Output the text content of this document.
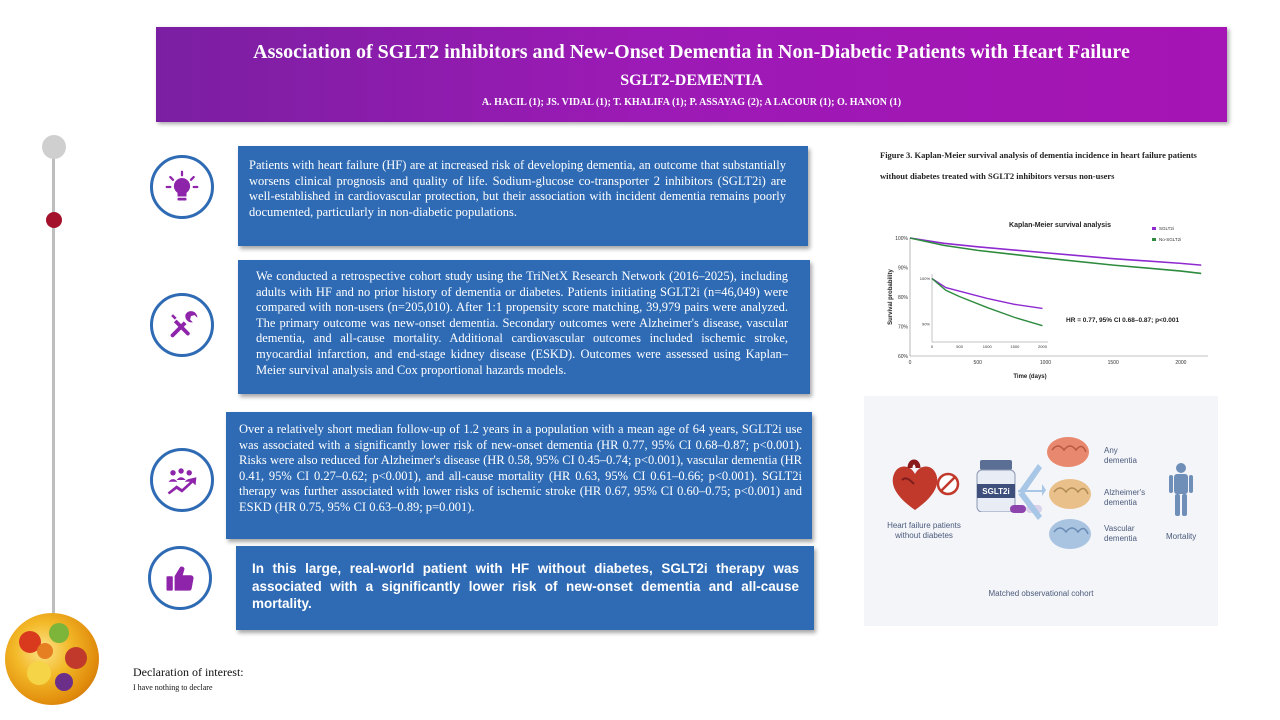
Association of SGLT2 inhibitors and New-Onset Dementia in Non-Diabetic Patients with Heart Failure
SGLT2-DEMENTIA
A. HACIL (1); JS. VIDAL (1); T. KHALIFA (1); P. ASSAYAG (2); A LACOUR (1); O. HANON (1)
Patients with heart failure (HF) are at increased risk of developing dementia, an outcome that substantially worsens clinical prognosis and quality of life. Sodium-glucose co-transporter 2 inhibitors (SGLT2i) are well-established in cardiovascular protection, but their association with incident dementia remains poorly documented, particularly in non-diabetic populations.
We conducted a retrospective cohort study using the TriNetX Research Network (2016–2025), including adults with HF and no prior history of dementia or diabetes. Patients initiating SGLT2i (n=46,049) were compared with non-users (n=205,010). After 1:1 propensity score matching, 39,979 pairs were analyzed. The primary outcome was new-onset dementia. Secondary outcomes were Alzheimer's disease, vascular dementia, and all-cause mortality. Additional cardiovascular outcomes included ischemic stroke, myocardial infarction, and end-stage kidney disease (ESKD). Outcomes were assessed using Kaplan–Meier survival analysis and Cox proportional hazards models.
Over a relatively short median follow-up of 1.2 years in a population with a mean age of 64 years, SGLT2i use was associated with a significantly lower risk of new-onset dementia (HR 0.77, 95% CI 0.68–0.87; p<0.001). Risks were also reduced for Alzheimer's disease (HR 0.58, 95% CI 0.45–0.74; p<0.001), vascular dementia (HR 0.41, 95% CI 0.27–0.62; p<0.001), and all-cause mortality (HR 0.63, 95% CI 0.61–0.66; p<0.001). SGLT2i therapy was further associated with lower risks of ischemic stroke (HR 0.67, 95% CI 0.60–0.75; p<0.001) and ESKD (HR 0.75, 95% CI 0.63–0.89; p=0.001).
In this large, real-world patient with HF without diabetes, SGLT2i therapy was associated with a significantly lower risk of new-onset dementia and all-cause mortality.
Figure 3. Kaplan-Meier survival analysis of dementia incidence in heart failure patients
without diabetes treated with SGLT2 inhibitors versus non-users
Kaplan-Meier survival analysis
Survival probability
Time (days)
HR = 0.77, 95% CI 0.68–0.87; p<0.001
SGLT2i
No-SGLT2i
60%
70%
80%
90%
100%
0	500	1000	1500	2000
90%
100%
0	500	1000	1500	2000
Heart failure patients without diabetes
SGLT2i
Any dementia
Alzheimer's dementia
Vascular dementia	Mortality
Matched observational cohort
Declaration of interest:
I have nothing to declare
